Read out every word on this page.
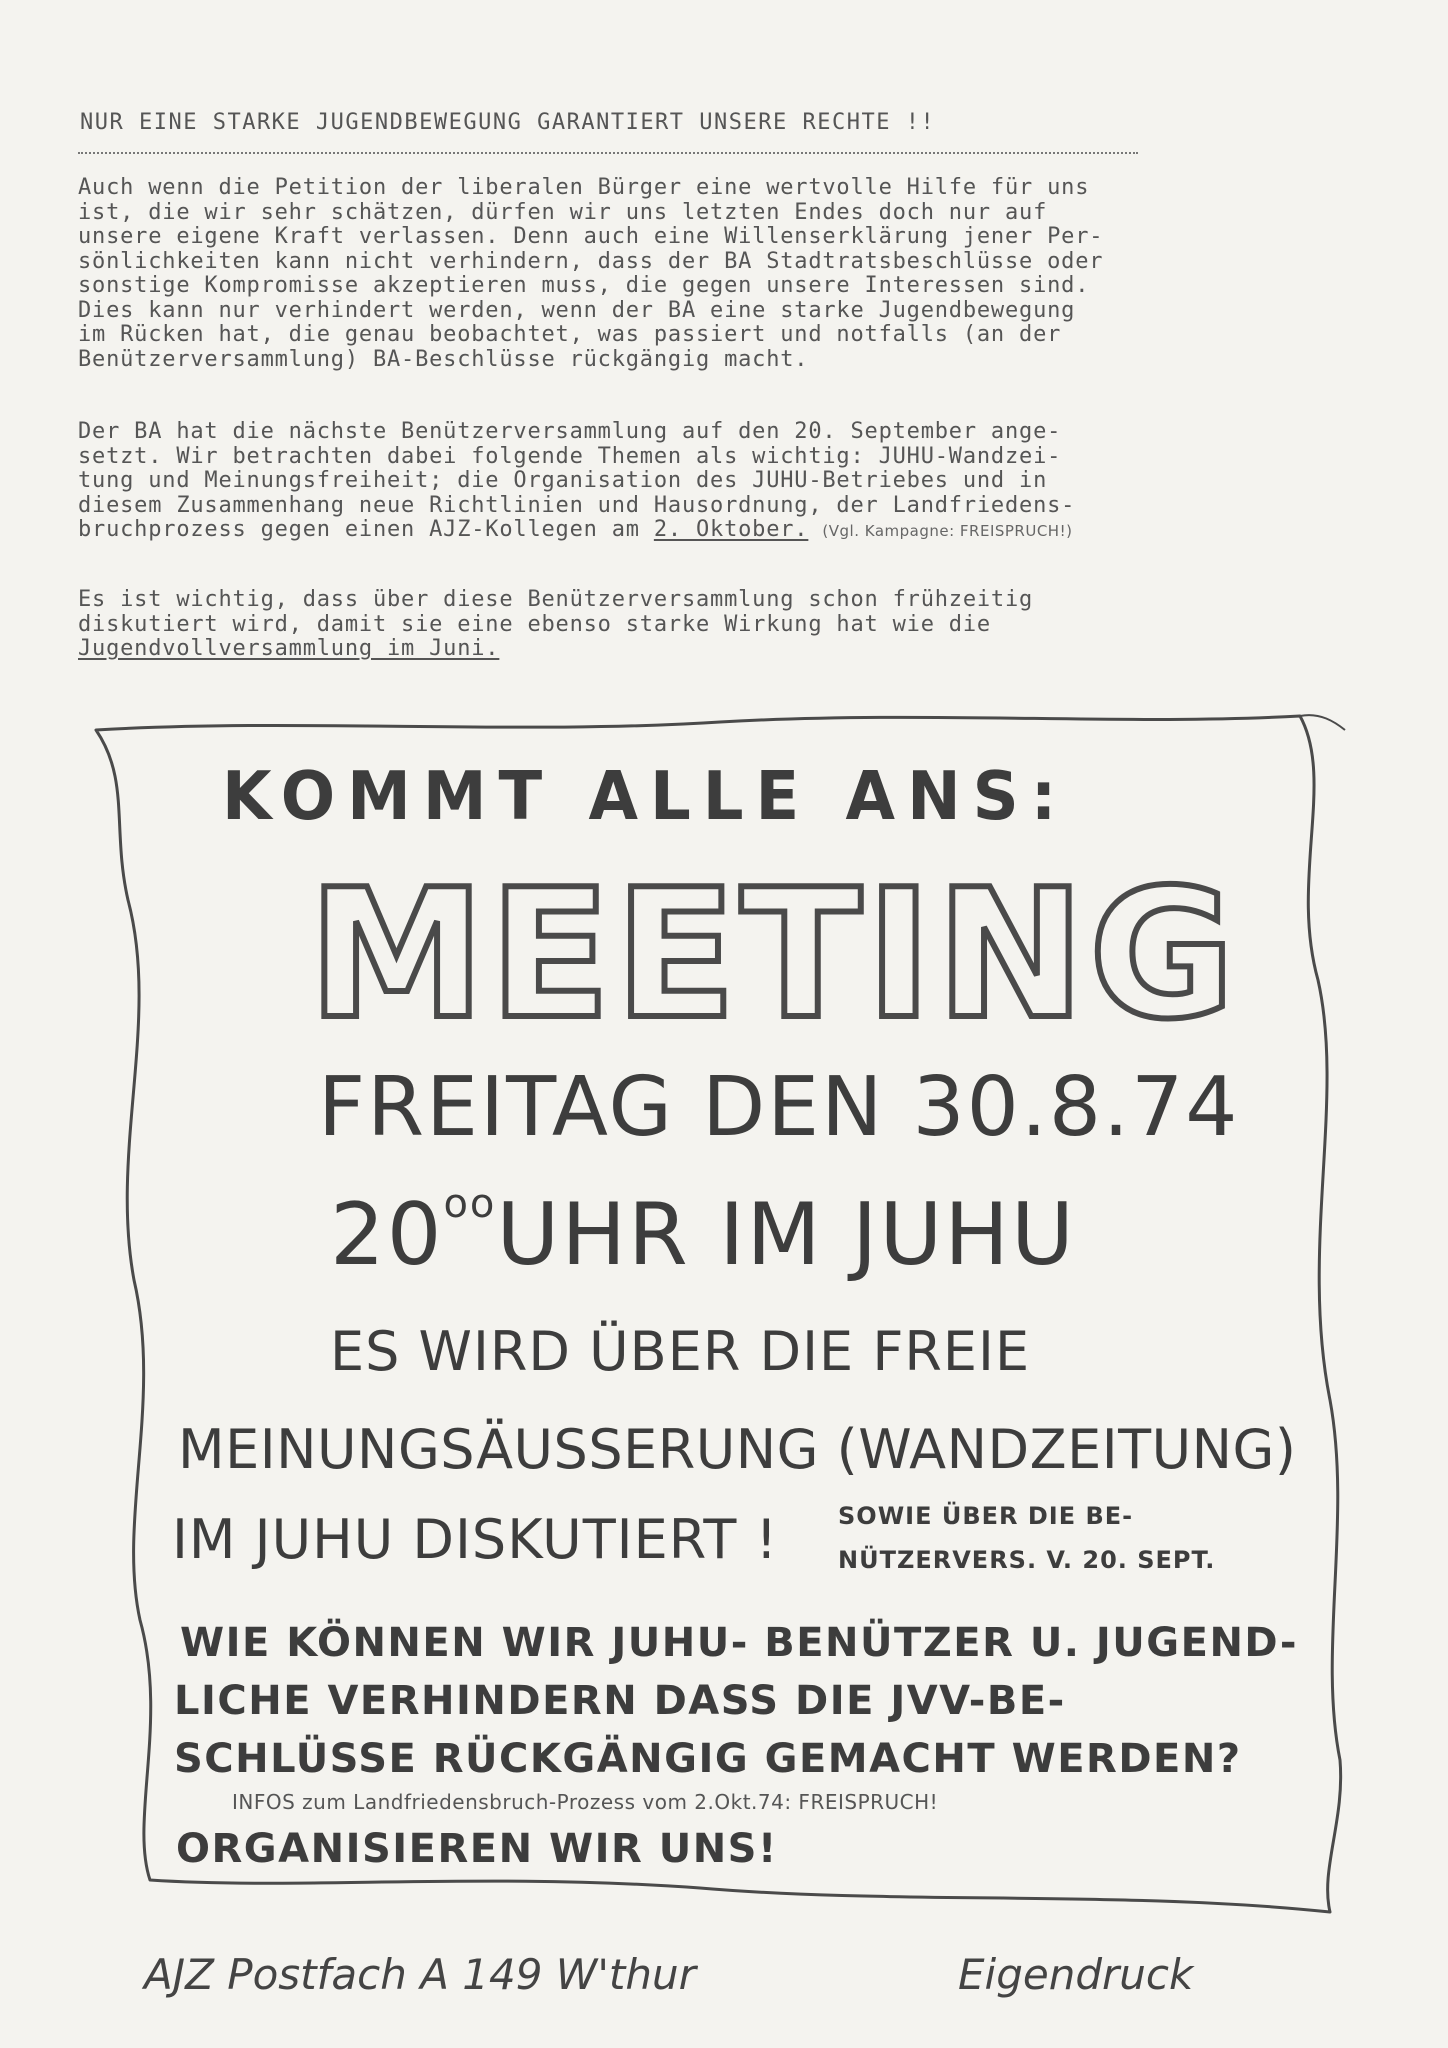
NUR EINE STARKE JUGENDBEWEGUNG GARANTIERT UNSERE RECHTE !!
Auch wenn die Petition der liberalen Bürger eine wertvolle Hilfe für uns
ist, die wir sehr schätzen, dürfen wir uns letzten Endes doch nur auf
unsere eigene Kraft verlassen. Denn auch eine Willenserklärung jener Per-
sönlichkeiten kann nicht verhindern, dass der BA Stadtratsbeschlüsse oder
sonstige Kompromisse akzeptieren muss, die gegen unsere Interessen sind.
Dies kann nur verhindert werden, wenn der BA eine starke Jugendbewegung
im Rücken hat, die genau beobachtet, was passiert und notfalls (an der
Benützerversammlung) BA-Beschlüsse rückgängig macht.
Der BA hat die nächste Benützerversammlung auf den 20. September ange-
setzt. Wir betrachten dabei folgende Themen als wichtig: JUHU-Wandzei-
tung und Meinungsfreiheit; die Organisation des JUHU-Betriebes und in
diesem Zusammenhang neue Richtlinien und Hausordnung, der Landfriedens-
bruchprozess gegen einen AJZ-Kollegen am 2. Oktober. (Vgl. Kampagne: FREISPRUCH!)
Es ist wichtig, dass über diese Benützerversammlung schon frühzeitig
diskutiert wird, damit sie eine ebenso starke Wirkung hat wie die
Jugendvollversammlung im Juni.
KOMMT ALLE ANS:
MEETING
FREITAG DEN 30.8.74
$20^{oo}UHR$ IM JUHU
ES WIRD ÜBER DIE FREIE
MEINUNGSÄUSSERUNG (WANDZEITUNG)
IM JUHU DISKUTIERT ! SOWIE ÜBER DIE BE-
NÜTZERVERS. V. 20. SEPT.
WIE KÖNNEN WIR JUHU- BENÜTZER U. JUGEND-
LICHE VERHINDERN DASS DIE JVV-BE-
SCHLÜSSE RÜCKGÄNGIG GEMACHT WERDEN?
INFOS zum Landfriedensbruch-Prozess vom 2.Okt.74: FREISPRUCH!
ORGANISIEREN WIR UNS!
AJZ Postfach A 149 W'thur	Eigendruck
